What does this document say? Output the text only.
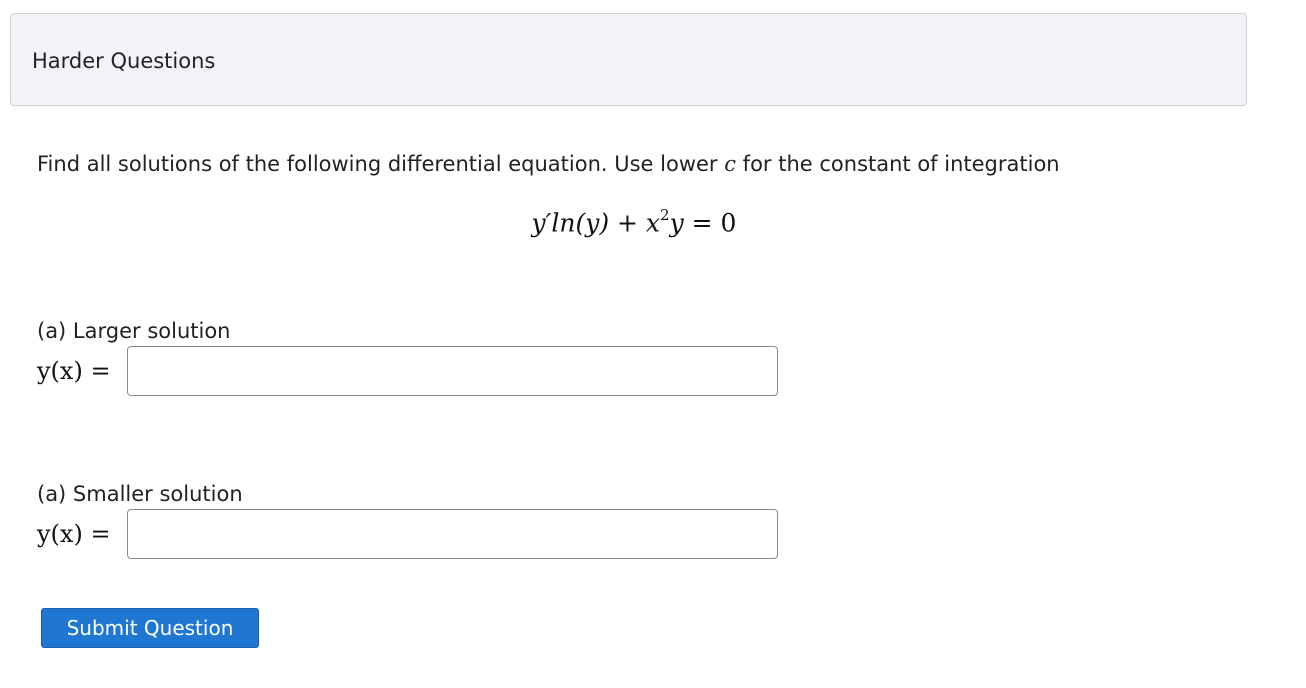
Harder Questions
Find all solutions of the following differential equation. Use lower c for the constant of integration
$y'\ln(y) + x^2y = 0$
(a) Larger solution
y(x) =
(a) Smaller solution
y(x) =
Submit Question
